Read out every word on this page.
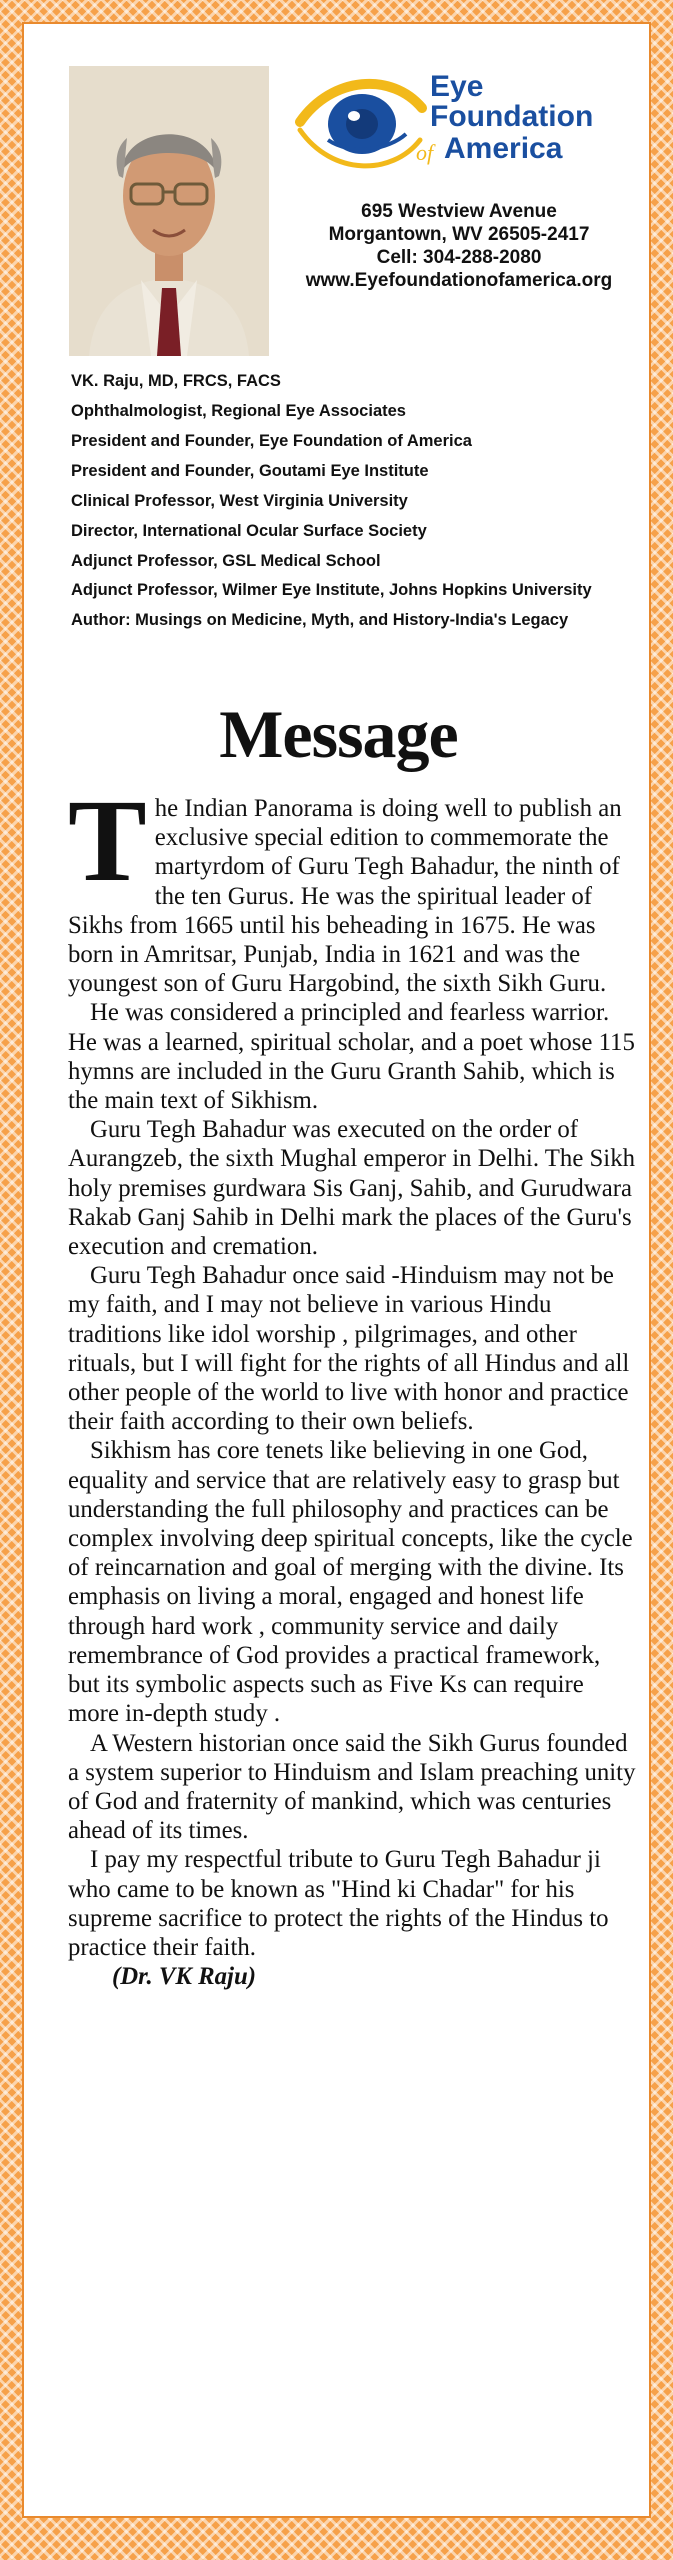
Eye
Foundation
of America
695 Westview Avenue
Morgantown, WV 26505-2417
Cell: 304-288-2080
www.Eyefoundationofamerica.org
VK. Raju, MD, FRCS, FACS
Ophthalmologist, Regional Eye Associates
President and Founder, Eye Foundation of America
President and Founder, Goutami Eye Institute
Clinical Professor, West Virginia University
Director, International Ocular Surface Society
Adjunct Professor, GSL Medical School
Adjunct Professor, Wilmer Eye Institute, Johns Hopkins University
Author: Musings on Medicine, Myth, and History-India's Legacy
Message

The Indian Panorama is doing well to publish an exclusive special edition to commemorate the martyrdom of Guru Tegh Bahadur, the ninth of the ten Gurus. He was the spiritual leader of Sikhs from 1665 until his beheading in 1675. He was born in Amritsar, Punjab, India in 1621 and was the youngest son of Guru Hargobind, the sixth Sikh Guru.

He was considered a principled and fearless warrior. He was a learned, spiritual scholar, and a poet whose 115 hymns are included in the Guru Granth Sahib, which is the main text of Sikhism.

Guru Tegh Bahadur was executed on the order of Aurangzeb, the sixth Mughal emperor in Delhi. The Sikh holy premises gurdwara Sis Ganj, Sahib, and Gurudwara Rakab Ganj Sahib in Delhi mark the places of the Guru's execution and cremation.

Guru Tegh Bahadur once said -Hinduism may not be my faith, and I may not believe in various Hindu traditions like idol worship , pilgrimages, and other rituals, but I will fight for the rights of all Hindus and all other people of the world to live with honor and practice their faith according to their own beliefs.

Sikhism has core tenets like believing in one God, equality and service that are relatively easy to grasp but understanding the full philosophy and practices can be complex involving deep spiritual concepts, like the cycle of reincarnation and goal of merging with the divine. Its emphasis on living a moral, engaged and honest life through hard work , community service and daily remembrance of God provides a practical framework, but its symbolic aspects such as Five Ks can require more in-depth study .

A Western historian once said the Sikh Gurus founded a system superior to Hinduism and Islam preaching unity of God and fraternity of mankind, which was centuries ahead of its times.

I pay my respectful tribute to Guru Tegh Bahadur ji who came to be known as "Hind ki Chadar" for his supreme sacrifice to protect the rights of the Hindus to practice their faith.

(Dr. VK Raju)
